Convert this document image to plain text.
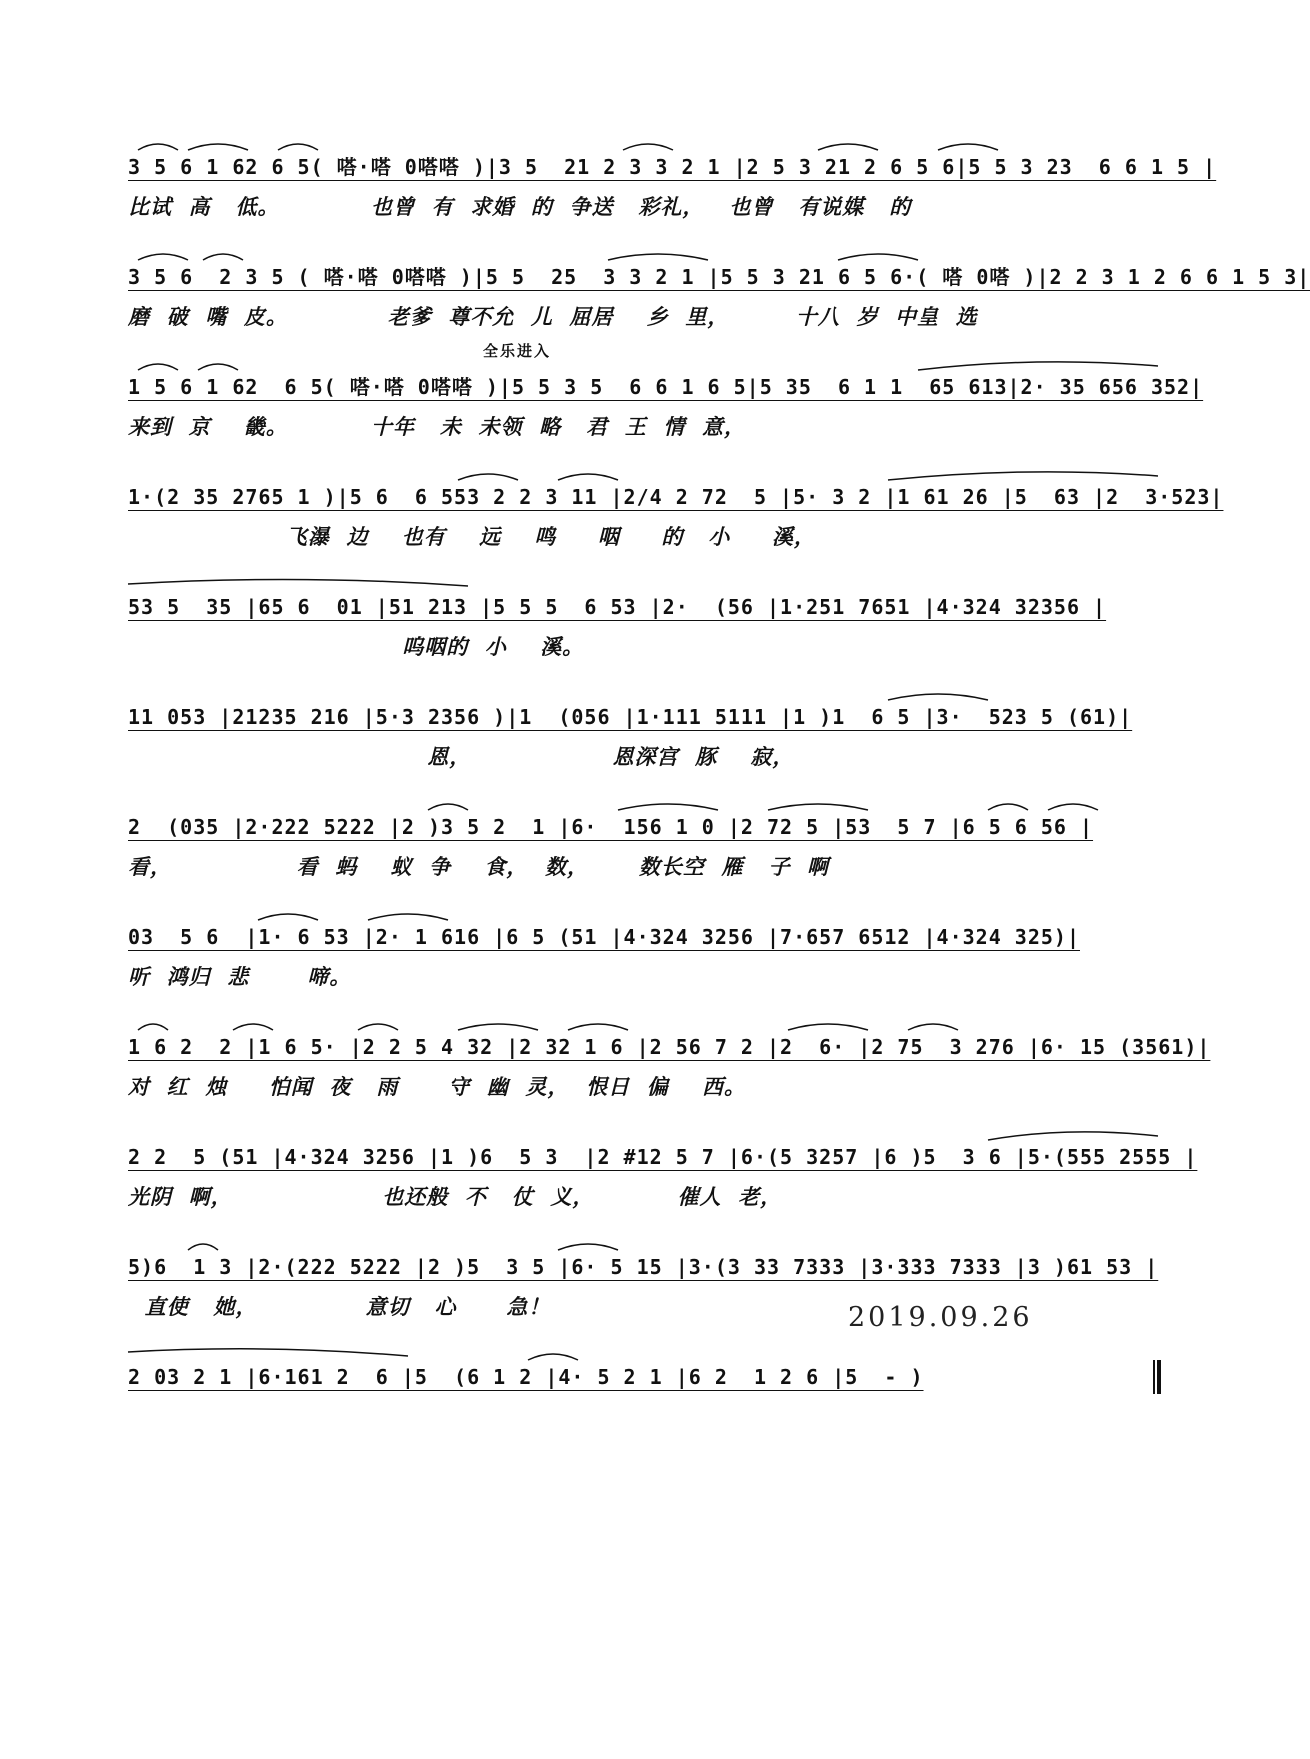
3 5 6 1 62 6 5( 嗒·嗒 0嗒嗒 )|3 5  21 2 3 3 2 1 |2 5 3 21 2 6 5 6|5 5 3 23  6 6 1 5 |
比试  高   低。           也曾  有  求婚  的  争送   彩礼，   也曾   有说媒   的
3 5 6  2 3 5 ( 嗒·嗒 0嗒嗒 )|5 5  25  3 3 2 1 |5 5 3 21 6 5 6·( 嗒 0嗒 )|2 2 3 1 2 6 6 1 5 3|
磨  破  嘴  皮。            老爹  尊不允  儿  屈居    乡  里，        十八  岁  中皇  选
全乐进入
1 5 6 1 62  6 5( 嗒·嗒 0嗒嗒 )|5 5 3 5  6 6 1 6 5|5 35  6 1 1  65 613|2· 35 656 352|
来到  京    畿。          十年   未  未领  略   君  王  情  意，
1·(2 35 2765 1 )|5 6  6 553 2 2 3 11 |2/4 2 72  5 |5· 3 2 |1 61 26 |5  63 |2  3·523|
飞瀑  边    也有    远    鸣     咽     的   小     溪，
53 5  35 |65 6  01 |51 213 |5 5 5  6 53 |2·  (56 |1·251 7651 |4·324 32356 |
呜咽的  小    溪。
11 053 |21235 216 |5·3 2356 )|1  (056 |1·111 5111 |1 )1  6 5 |3·  523 5 (61)|
恩，                 恩深宫  豚    寂，
2  (035 |2·222 5222 |2 )3 5 2  1 |6·  156 1 0 |2 72 5 |53  5 7 |6 5 6 56 |
看，               看  蚂    蚁  争    食，  数，      数长空  雁   子  啊
03  5 6  |1· 6 53 |2· 1 616 |6 5 (51 |4·324 3256 |7·657 6512 |4·324 325)|
听  鸿归  悲       啼。
1 6 2  2 |1 6 5· |2 2 5 4 32 |2 32 1 6 |2 56 7 2 |2  6· |2 75  3 276 |6· 15 (3561)|
对  红  烛     怕闻  夜   雨      守  幽  灵，  恨日  偏    西。
2 2  5 (51 |4·324 3256 |1 )6  5 3  |2 #12 5 7 |6·(5 3257 |6 )5  3 6 |5·(555 2555 |
光阴  啊，                  也还般  不   仗  义，          催人  老，
5)6  1 3 |2·(222 5222 |2 )5  3 5 |6· 5 15 |3·(3 33 7333 |3·333 7333 |3 )61 53 |
直使   她，             意切   心      急！
2 03 2 1 |6·161 2  6 |5  (6 1 2 |4· 5 2 1 |6 2  1 2 6 |5  - )
2019.09.26
